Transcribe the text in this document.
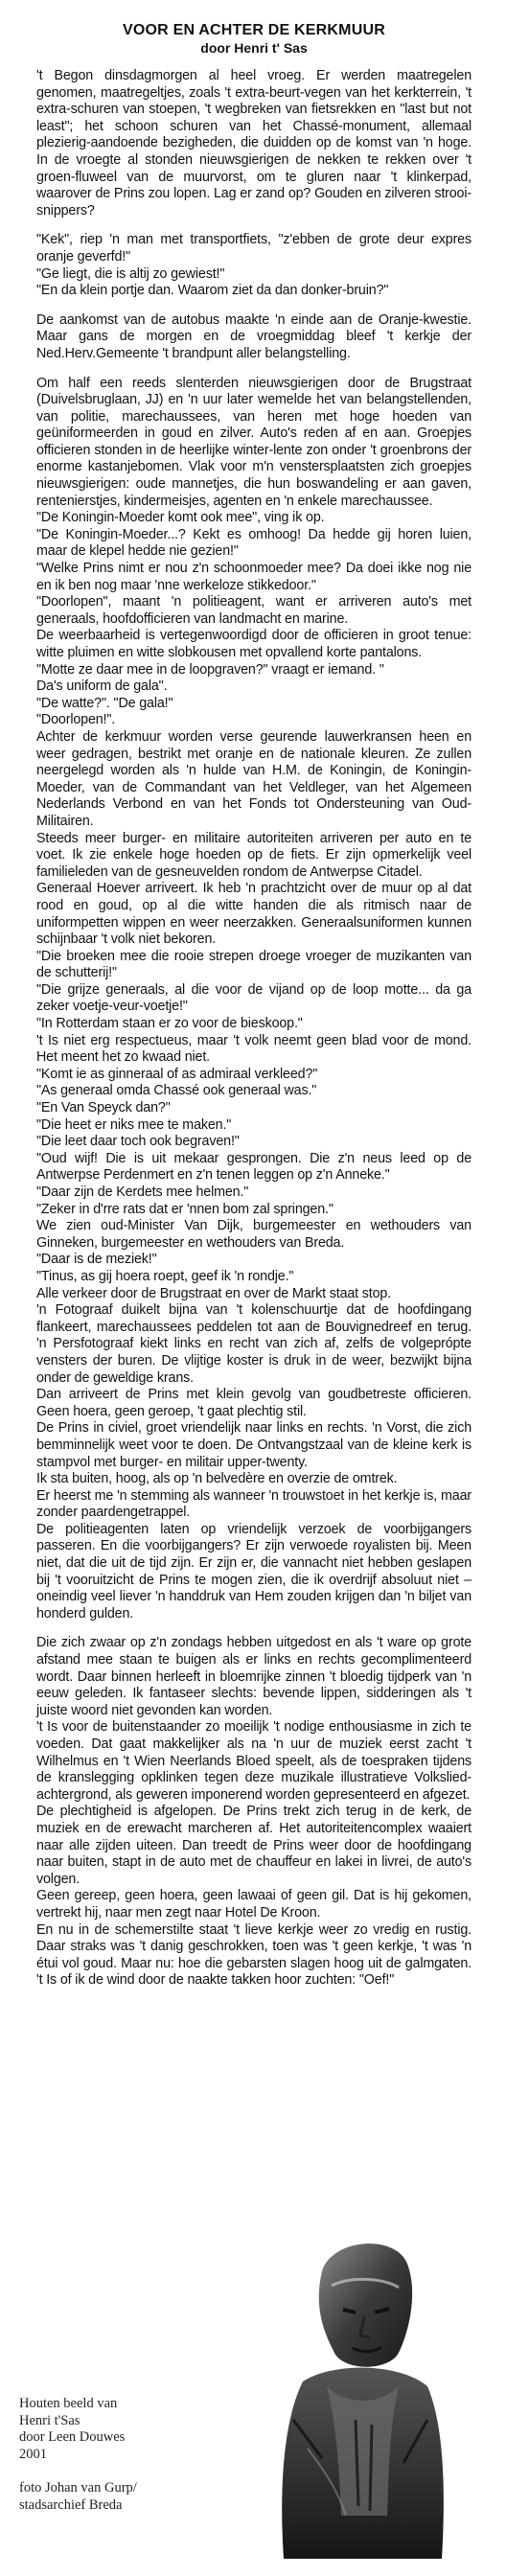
VOOR EN ACHTER DE KERKMUUR
door Henri t' Sas
't Begon dinsdagmorgen al heel vroeg. Er werden maatregelen genomen, maatregeltjes, zoals 't extra-beurt-vegen van het kerkterrein, 't extra-schuren van stoepen, 't wegbreken van fietsrekken en "last but not least"; het schoon schuren van het Chassé-monument, allemaal plezierig-aandoende bezigheden, die duidden op de komst van 'n hoge. In de vroegte al stonden nieuwsgierigen de nekken te rekken over 't groen-fluweel van de muurvorst, om te gluren naar 't klinkerpad, waarover de Prins zou lopen. Lag er zand op? Gouden en zilveren strooi-snippers?
"Kek", riep 'n man met transportfiets, "z'ebben de grote deur expres oranje geverfd!"
"Ge liegt, die is altij zo gewiest!"
"En da klein portje dan. Waarom ziet da dan donker-bruin?"
De aankomst van de autobus maakte 'n einde aan de Oranje-kwestie. Maar gans de morgen en de vroegmiddag bleef 't kerkje der Ned.Herv.Gemeente 't brandpunt aller belangstelling.
Om half een reeds slenterden nieuwsgierigen door de Brugstraat (Duivelsbruglaan, JJ) en 'n uur later wemelde het van belangstellenden, van politie, marechaussees, van heren met hoge hoeden van geüniformeerden in goud en zilver. Auto's reden af en aan. Groepjes officieren stonden in de heerlijke winter-lente zon onder 't groenbrons der enorme kastanjebomen. Vlak voor m'n venstersplaatsten zich groepjes nieuwsgierigen: oude mannetjes, die hun boswandeling er aan gaven, rentenierstjes, kindermeisjes, agenten en 'n enkele marechaussee.
"De Koningin-Moeder komt ook mee", ving ik op.
"De Koningin-Moeder...? Kekt es omhoog! Da hedde gij horen luien, maar de klepel hedde nie gezien!"
"Welke Prins nimt er nou z'n schoonmoeder mee? Da doei ikke nog nie en ik ben nog maar 'nne werkeloze stikkedoor."
"Doorlopen", maant 'n politieagent, want er arriveren auto's met generaals, hoofdofficieren van landmacht en marine.
De weerbaarheid is vertegenwoordigd door de officieren in groot tenue: witte pluimen en witte slobkousen met opvallend korte pantalons.
"Motte ze daar mee in de loopgraven?" vraagt er iemand. "
Da's uniform de gala".
"De watte?". "De gala!"
"Doorlopen!".
Achter de kerkmuur worden verse geurende lauwerkransen heen en weer gedragen, bestrikt met oranje en de nationale kleuren. Ze zullen neergelegd worden als 'n hulde van H.M. de Koningin, de Koningin-Moeder, van de Commandant van het Veldleger, van het Algemeen Nederlands Verbond en van het Fonds tot Ondersteuning van Oud-Militairen.
Steeds meer burger- en militaire autoriteiten arriveren per auto en te voet. Ik zie enkele hoge hoeden op de fiets. Er zijn opmerkelijk veel familieleden van de gesneuvelden rondom de Antwerpse Citadel.
Generaal Hoever arriveert. Ik heb 'n prachtzicht over de muur op al dat rood en goud, op al die witte handen die als ritmisch naar de uniformpetten wippen en weer neerzakken. Generaalsuniformen kunnen schijnbaar 't volk niet bekoren.
"Die broeken mee die rooie strepen droege vroeger de muzikanten van de schutterij!"
"Die grijze generaals, al die voor de vijand op de loop motte... da ga zeker voetje-veur-voetje!"
"In Rotterdam staan er zo voor de bieskoop."
't Is niet erg respectueus, maar 't volk neemt geen blad voor de mond. Het meent het zo kwaad niet.
"Komt ie as ginneraal of as admiraal verkleed?"
"As generaal omda Chassé ook generaal was."
"En Van Speyck dan?"
"Die heet er niks mee te maken."
"Die leet daar toch ook begraven!"
"Oud wijf! Die is uit mekaar gesprongen. Die z'n neus leed op de Antwerpse Perdenmert en z'n tenen leggen op z'n Anneke."
"Daar zijn de Kerdets mee helmen."
"Zeker in d'rre rats dat er 'nnen bom zal springen."
We zien oud-Minister Van Dijk, burgemeester en wethouders van Ginneken, burgemeester en wethouders van Breda.
"Daar is de meziek!"
"Tinus, as gij hoera roept, geef ik 'n rondje."
Alle verkeer door de Brugstraat en over de Markt staat stop.
'n Fotograaf duikelt bijna van 't kolenschuurtje dat de hoofdingang flankeert, marechaussees peddelen tot aan de Bouvignedreef en terug. 'n Persfotograaf kiekt links en recht van zich af, zelfs de volgeprópte vensters der buren. De vlijtige koster is druk in de weer, bezwijkt bijna onder de geweldige krans.
Dan arriveert de Prins met klein gevolg van goudbetreste officieren. Geen hoera, geen geroep, 't gaat plechtig stil.
De Prins in civiel, groet vriendelijk naar links en rechts. 'n Vorst, die zich bemminnelijk weet voor te doen. De Ontvangstzaal van de kleine kerk is stampvol met burger- en militair upper-twenty.
Ik sta buiten, hoog, als op 'n belvedère en overzie de omtrek.
Er heerst me 'n stemming als wanneer 'n trouwstoet in het kerkje is, maar zonder paardengetrappel.
De politieagenten laten op vriendelijk verzoek de voorbijgangers passeren. En die voorbijgangers? Er zijn verwoede royalisten bij. Meen niet, dat die uit de tijd zijn. Er zijn er, die vannacht niet hebben geslapen bij 't vooruitzicht de Prins te mogen zien, die ik overdrijf absoluut niet – oneindig veel liever 'n handdruk van Hem zouden krijgen dan 'n biljet van honderd gulden.
Die zich zwaar op z'n zondags hebben uitgedost en als 't ware op grote afstand mee staan te buigen als er links en rechts gecomplimenteerd wordt. Daar binnen herleeft in bloemrijke zinnen 't bloedig tijdperk van 'n eeuw geleden. Ik fantaseer slechts: bevende lippen, sidderingen als 't juiste woord niet gevonden kan worden.
't Is voor de buitenstaander zo moeilijk 't nodige enthousiasme in zich te voeden. Dat gaat makkelijker als na 'n uur de muziek eerst zacht 't Wilhelmus en 't Wien Neerlands Bloed speelt, als de toespraken tijdens de kranslegging opklinken tegen deze muzikale illustratieve Volkslied-achtergrond, als geweren imponerend worden gepresenteerd en afgezet.
De plechtigheid is afgelopen. De Prins trekt zich terug in de kerk, de muziek en de erewacht marcheren af. Het autoriteitencomplex waaiert naar alle zijden uiteen. Dan treedt de Prins weer door de hoofdingang naar buiten, stapt in de auto met de chauffeur en lakei in livrei, de auto's volgen.
Geen gereep, geen hoera, geen lawaai of geen gil. Dat is hij gekomen, vertrekt hij, naar men zegt naar Hotel De Kroon.
En nu in de schemerstilte staat 't lieve kerkje weer zo vredig en rustig. Daar straks was 't danig geschrokken, toen was 't geen kerkje, 't was 'n étui vol goud. Maar nu: hoe die gebarsten slagen hoog uit de galmgaten. 't Is of ik de wind door de naakte takken hoor zuchten: "Oef!"
Houten beeld van
Henri t'Sas
door Leen Douwes
2001
foto Johan van Gurp/
stadsarchief Breda
